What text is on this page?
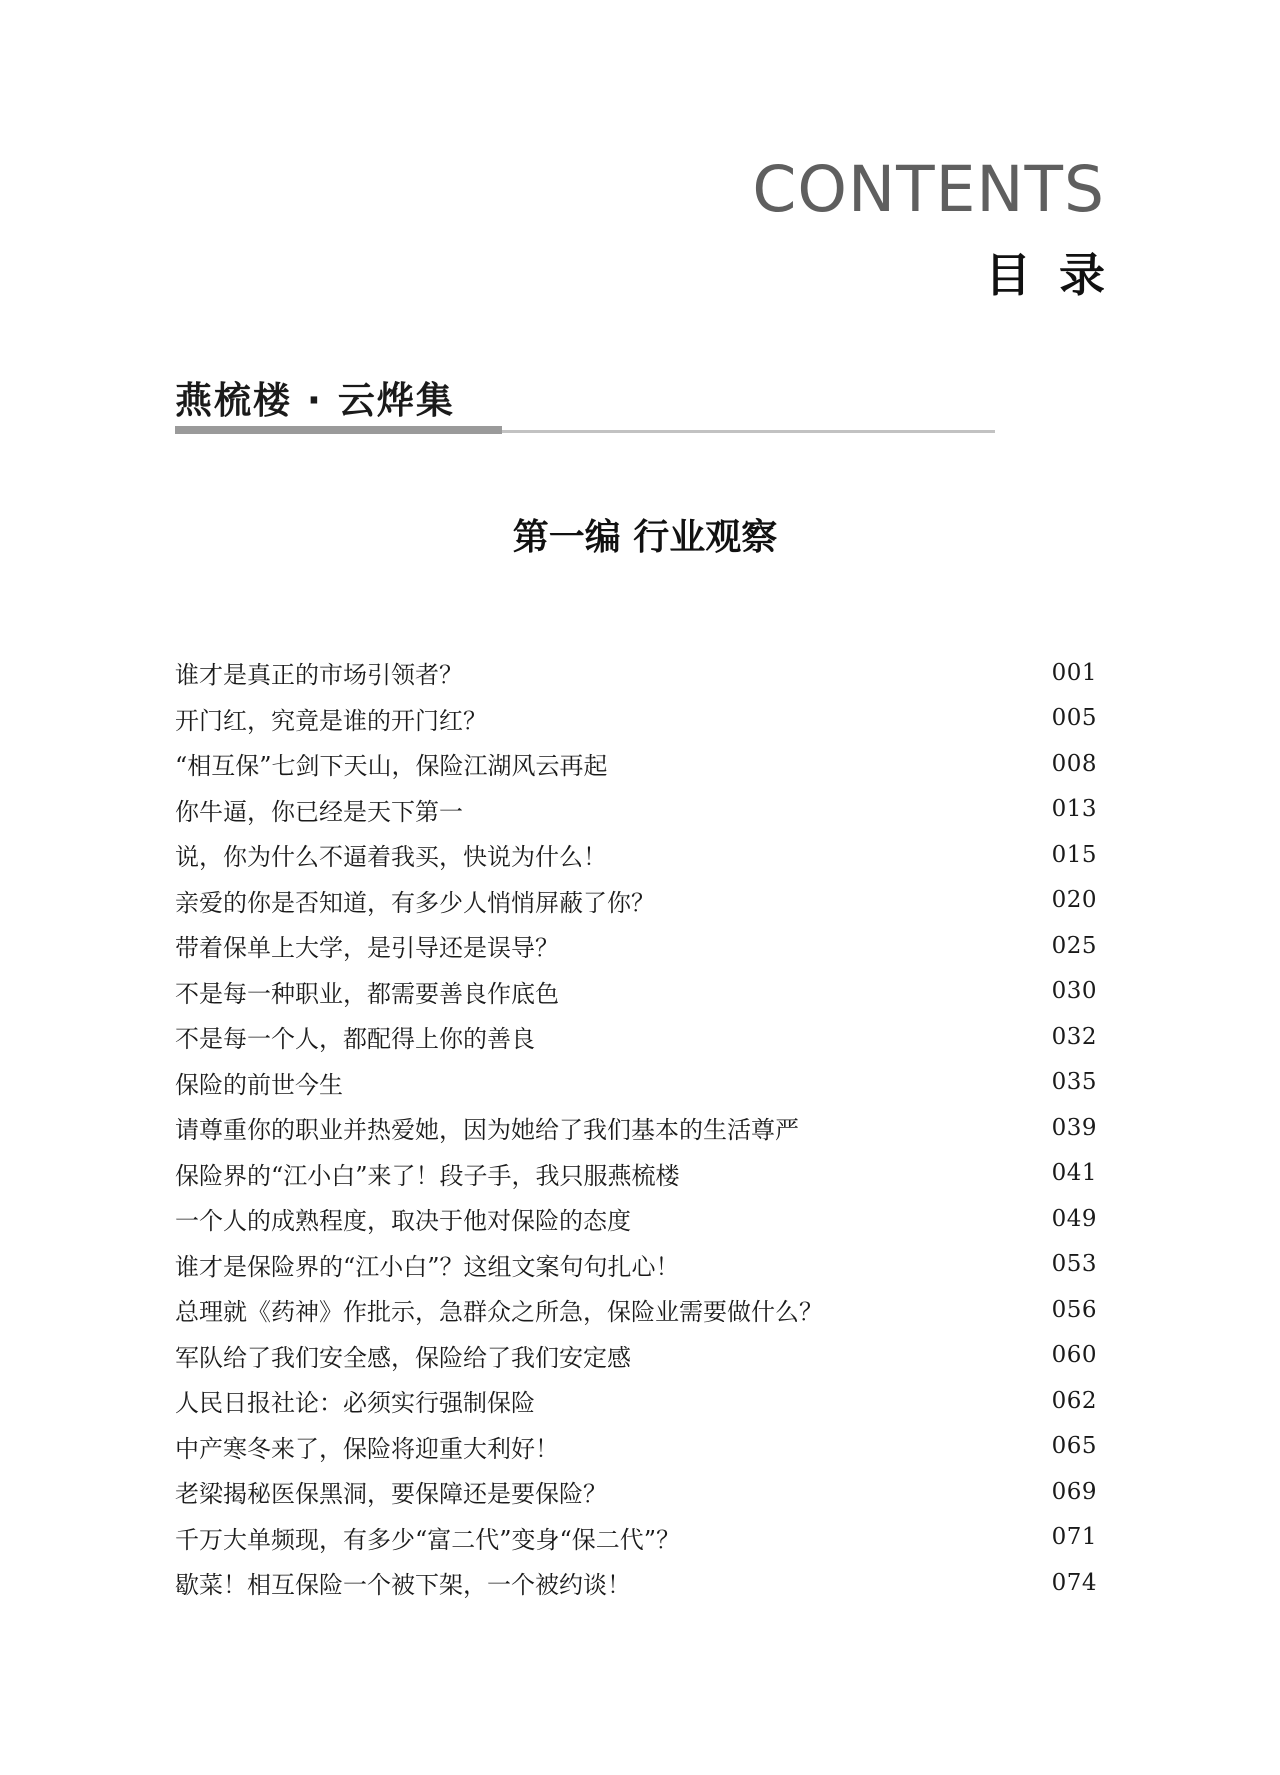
CONTENTS
目录
燕梳楼 · 云烨集
第一编 行业观察
谁才是真正的市场引领者？	001
开门红，究竟是谁的开门红？	005
“相互保”七剑下天山，保险江湖风云再起	008
你牛逼，你已经是天下第一	013
说，你为什么不逼着我买，快说为什么！	015
亲爱的你是否知道，有多少人悄悄屏蔽了你？	020
带着保单上大学，是引导还是误导？	025
不是每一种职业，都需要善良作底色	030
不是每一个人，都配得上你的善良	032
保险的前世今生	035
请尊重你的职业并热爱她，因为她给了我们基本的生活尊严	039
保险界的“江小白”来了！段子手，我只服燕梳楼	041
一个人的成熟程度，取决于他对保险的态度	049
谁才是保险界的“江小白”？这组文案句句扎心！	053
总理就《药神》作批示，急群众之所急，保险业需要做什么？	056
军队给了我们安全感，保险给了我们安定感	060
人民日报社论：必须实行强制保险	062
中产寒冬来了，保险将迎重大利好！	065
老梁揭秘医保黑洞，要保障还是要保险？	069
千万大单频现，有多少“富二代”变身“保二代”？	071
歇菜！相互保险一个被下架，一个被约谈！	074
